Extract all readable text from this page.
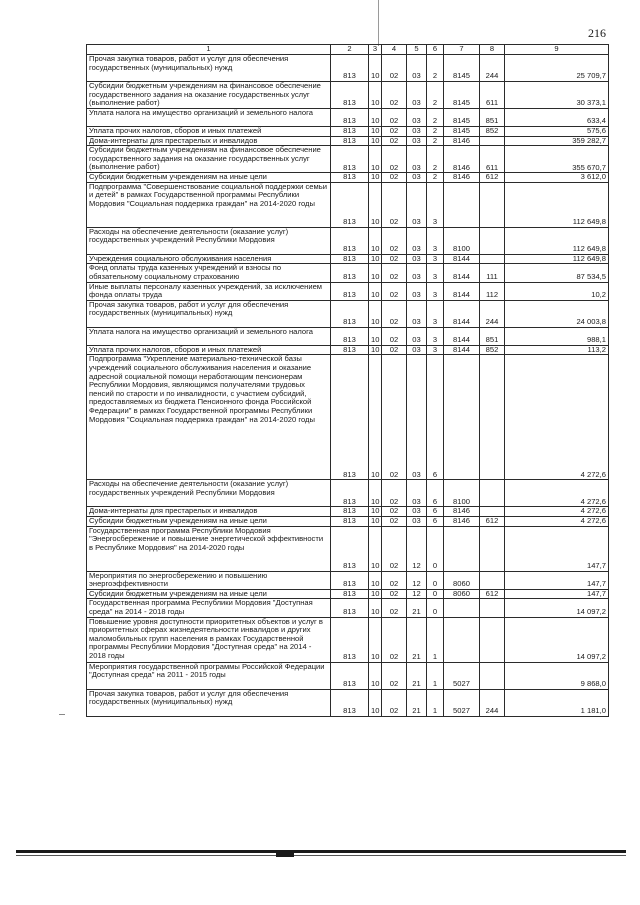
216
1	2	3	4	5	6	7	8	9
Прочая закупка товаров, работ и услуг для обеспечения государственных (муниципальных) нужд	813	10	02	03	2	8145	244	25 709,7
Субсидии бюджетным учреждениям на финансовое обеспечение государственного задания на оказание государственных услуг (выполнение работ)	813	10	02	03	2	8145	611	30 373,1
Уплата налога на имущество организаций и земельного налога	813	10	02	03	2	8145	851	633,4
Уплата прочих налогов, сборов и иных платежей	813	10	02	03	2	8145	852	575,6
Дома-интернаты для престарелых и инвалидов	813	10	02	03	2	8146		359 282,7
Субсидии бюджетным учреждениям на финансовое обеспечение государственного задания на оказание государственных услуг (выполнение работ)	813	10	02	03	2	8146	611	355 670,7
Субсидии бюджетным учреждениям на иные цели	813	10	02	03	2	8146	612	3 612,0
Подпрограмма "Совершенствование социальной поддержки семьи и детей" в рамках Государственной программы Республики Мордовия "Социальная поддержка граждан" на 2014-2020 годы	813	10	02	03	3			112 649,8
Расходы на обеспечение деятельности (оказание услуг) государственных учреждений Республики Мордовия	813	10	02	03	3	8100		112 649,8
Учреждения социального обслуживания населения	813	10	02	03	3	8144		112 649,8
Фонд оплаты труда казенных учреждений и взносы по обязательному социальному страхованию	813	10	02	03	3	8144	111	87 534,5
Иные выплаты персоналу казенных учреждений, за исключением фонда оплаты труда	813	10	02	03	3	8144	112	10,2
Прочая закупка товаров, работ и услуг для обеспечения государственных (муниципальных) нужд	813	10	02	03	3	8144	244	24 003,8
Уплата налога на имущество организаций и земельного налога	813	10	02	03	3	8144	851	988,1
Уплата прочих налогов, сборов и иных платежей	813	10	02	03	3	8144	852	113,2
Подпрограмма "Укрепление материально-технической базы учреждений социального обслуживания населения и оказание адресной социальной помощи неработающим пенсионерам Республики Мордовия, являющимся получателями трудовых пенсий по старости и по инвалидности, с участием субсидий, предоставляемых из бюджета Пенсионного фонда Российской Федерации" в рамках Государственной программы Республики Мордовия "Социальная поддержка граждан" на 2014-2020 годы	813	10	02	03	6			4 272,6
Расходы на обеспечение деятельности (оказание услуг) государственных учреждений Республики Мордовия	813	10	02	03	6	8100		4 272,6
Дома-интернаты для престарелых и инвалидов	813	10	02	03	6	8146		4 272,6
Субсидии бюджетным учреждениям на иные цели	813	10	02	03	6	8146	612	4 272,6
Государственная программа Республики Мордовия "Энергосбережение и повышение энергетической эффективности в Республике Мордовия" на 2014-2020 годы	813	10	02	12	0			147,7
Мероприятия по энергосбережению и повышению энергоэффективности	813	10	02	12	0	8060		147,7
Субсидии бюджетным учреждениям на иные цели	813	10	02	12	0	8060	612	147,7
Государственная программа Республики Мордовия "Доступная среда" на 2014 - 2018 годы	813	10	02	21	0			14 097,2
Повышение уровня доступности приоритетных объектов и услуг в приоритетных сферах жизнедеятельности инвалидов и других маломобильных групп населения в рамках Государственной программы Республики Мордовия "Доступная среда" на 2014 - 2018 годы	813	10	02	21	1			14 097,2
Мероприятия государственной программы Российской Федерации "Доступная среда" на 2011 - 2015 годы	813	10	02	21	1	5027		9 868,0
Прочая закупка товаров, работ и услуг для обеспечения государственных (муниципальных) нужд	813	10	02	21	1	5027	244	1 181,0
